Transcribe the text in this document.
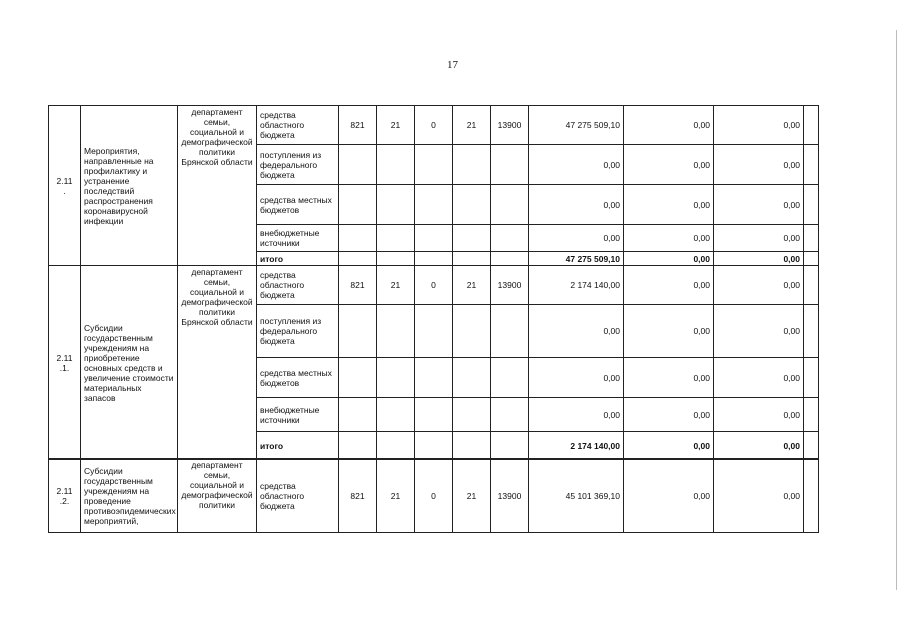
17
2.11
.	Мероприятия, направленные на профилактику и устранение последствий распространения коронавирусной инфекции	департамент семьи, социальной и демографической политики Брянской области	средства областного бюджета	821	21	0	21	13900	47 275 509,10	0,00	0,00	
			поступления из федерального бюджета						0,00	0,00	0,00	
			средства местных бюджетов						0,00	0,00	0,00	
			внебюджетные источники						0,00	0,00	0,00	
			итого						47 275 509,10	0,00	0,00	
2.11
.1.	Субсидии государственным учреждениям на приобретение основных средств и увеличение стоимости материальных запасов	департамент семьи, социальной и демографической политики Брянской области	средства областного бюджета	821	21	0	21	13900	2 174 140,00	0,00	0,00	
			поступления из федерального бюджета						0,00	0,00	0,00	
			средства местных бюджетов						0,00	0,00	0,00	
			внебюджетные источники						0,00	0,00	0,00	
			итого						2 174 140,00	0,00	0,00	
2.11
.2.	Субсидии государственным учреждениям на проведение противоэпидемических мероприятий,	департамент семьи, социальной и демографической политики	средства областного бюджета	821	21	0	21	13900	45 101 369,10	0,00	0,00	
